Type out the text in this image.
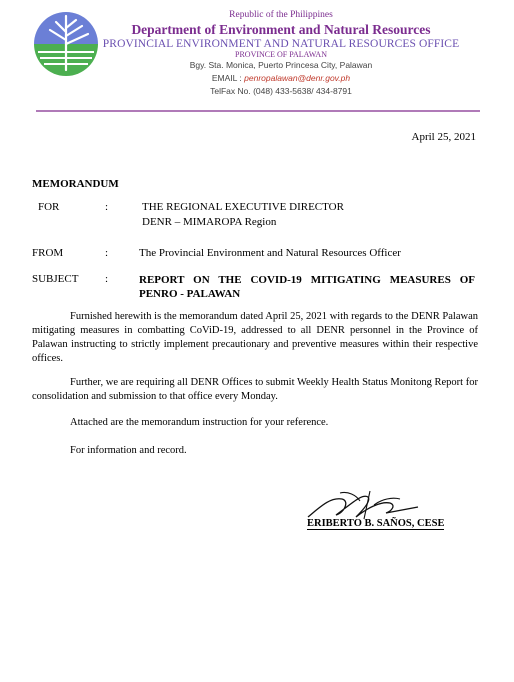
Republic of the Philippines
Department of Environment and Natural Resources
PROVINCIAL ENVIRONMENT AND NATURAL RESOURCES OFFICE
PROVINCE OF PALAWAN
Bgy. Sta. Monica, Puerto Princesa City, Palawan
EMAIL : penropalawan@denr.gov.ph
TelFax No. (048) 433-5638/ 434-8791
April 25, 2021
MEMORANDUM
FOR	:	THE REGIONAL EXECUTIVE DIRECTOR
DENR – MIMAROPA Region
FROM	:	The Provincial Environment and Natural Resources Officer
SUBJECT :	REPORT ON THE COVID-19 MITIGATING MEASURES OF PENRO - PALAWAN
Furnished herewith is the memorandum dated April 25, 2021 with regards to the DENR Palawan mitigating measures in combatting CoViD-19, addressed to all DENR personnel in the Province of Palawan instructing to strictly implement precautionary and preventive measures within their respective offices.
Further, we are requiring all DENR Offices to submit Weekly Health Status Monitong Report for consolidation and submission to that office every Monday.
Attached are the memorandum instruction for your reference.
For information and record.
ERIBERTO B. SAÑOS, CESE
